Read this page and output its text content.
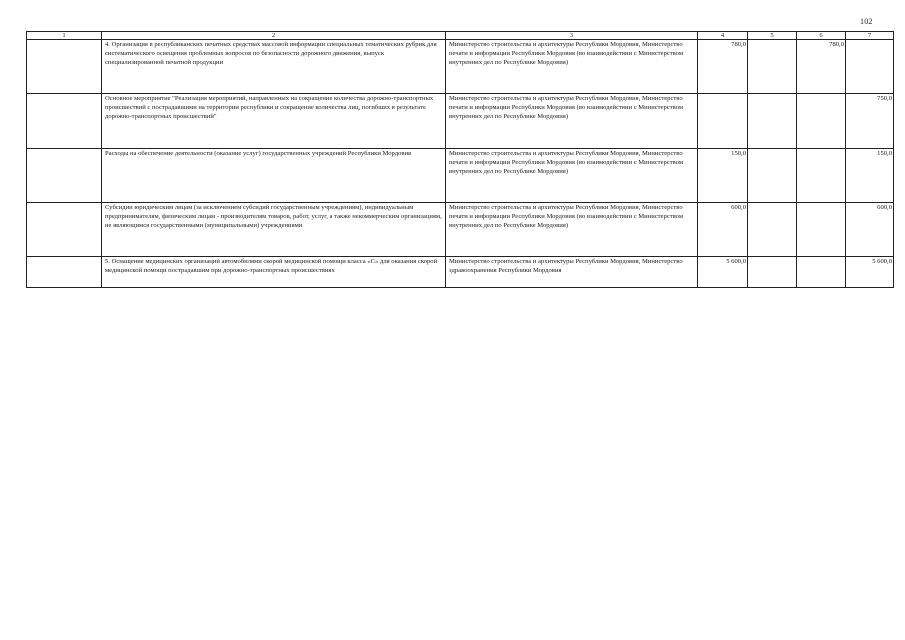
102
1	2	3	4	5	6	7
	4. Организация в республиканских печатных средствах массовой информации специальных тематических рубрик для систематического освещения проблемных вопросов по безопасности дорожного движения, выпуск специализированной печатной продукции	Министерство строительства и архитектуры Республики Мордовия, Министерство печати и информации Республики Мордовия (во взаимодействии с Министерством внутренних дел по Республике Мордовия)	780,0		780,0	
	Основное мероприятие "Реализация мероприятий, направленных на сокращение количества дорожно-транспортных происшествий с пострадавшими на территории республики и сокращение количества лиц, погибших в результате дорожно-транспортных происшествий"	Министерство строительства и архитектуры Республики Мордовия, Министерство печати и информации Республики Мордовия (во взаимодействии с Министерством внутренних дел по Республике Мордовия)				750,0
	Расходы на обеспечение деятельности (оказание услуг) государственных учреждений Республики Мордовия	Министерство строительства и архитектуры Республики Мордовия, Министерство печати и информации Республики Мордовия (во взаимодействии с Министерством внутренних дел по Республике Мордовия)	150,0			150,0
	Субсидии юридическим лицам (за исключением субсидий государственным учреждениям), индивидуальным предпринимателям, физическим лицам - производителям товаров, работ, услуг, а также некоммерческим организациям, не являющимся государственными (муниципальными) учреждениями	Министерство строительства и архитектуры Республики Мордовия, Министерство печати и информации Республики Мордовия (во взаимодействии с Министерством внутренних дел по Республике Мордовия)	600,0			600,0
	5. Оснащение медицинских организаций автомобилями скорой медицинской помощи класса «С» для оказания скорой медицинской помощи пострадавшим при дорожно-транспортных происшествиях	Министерство строительства и архитектуры Республики Мордовия, Министерство здравоохранения Республики Мордовия	5 600,0			5 600,0
